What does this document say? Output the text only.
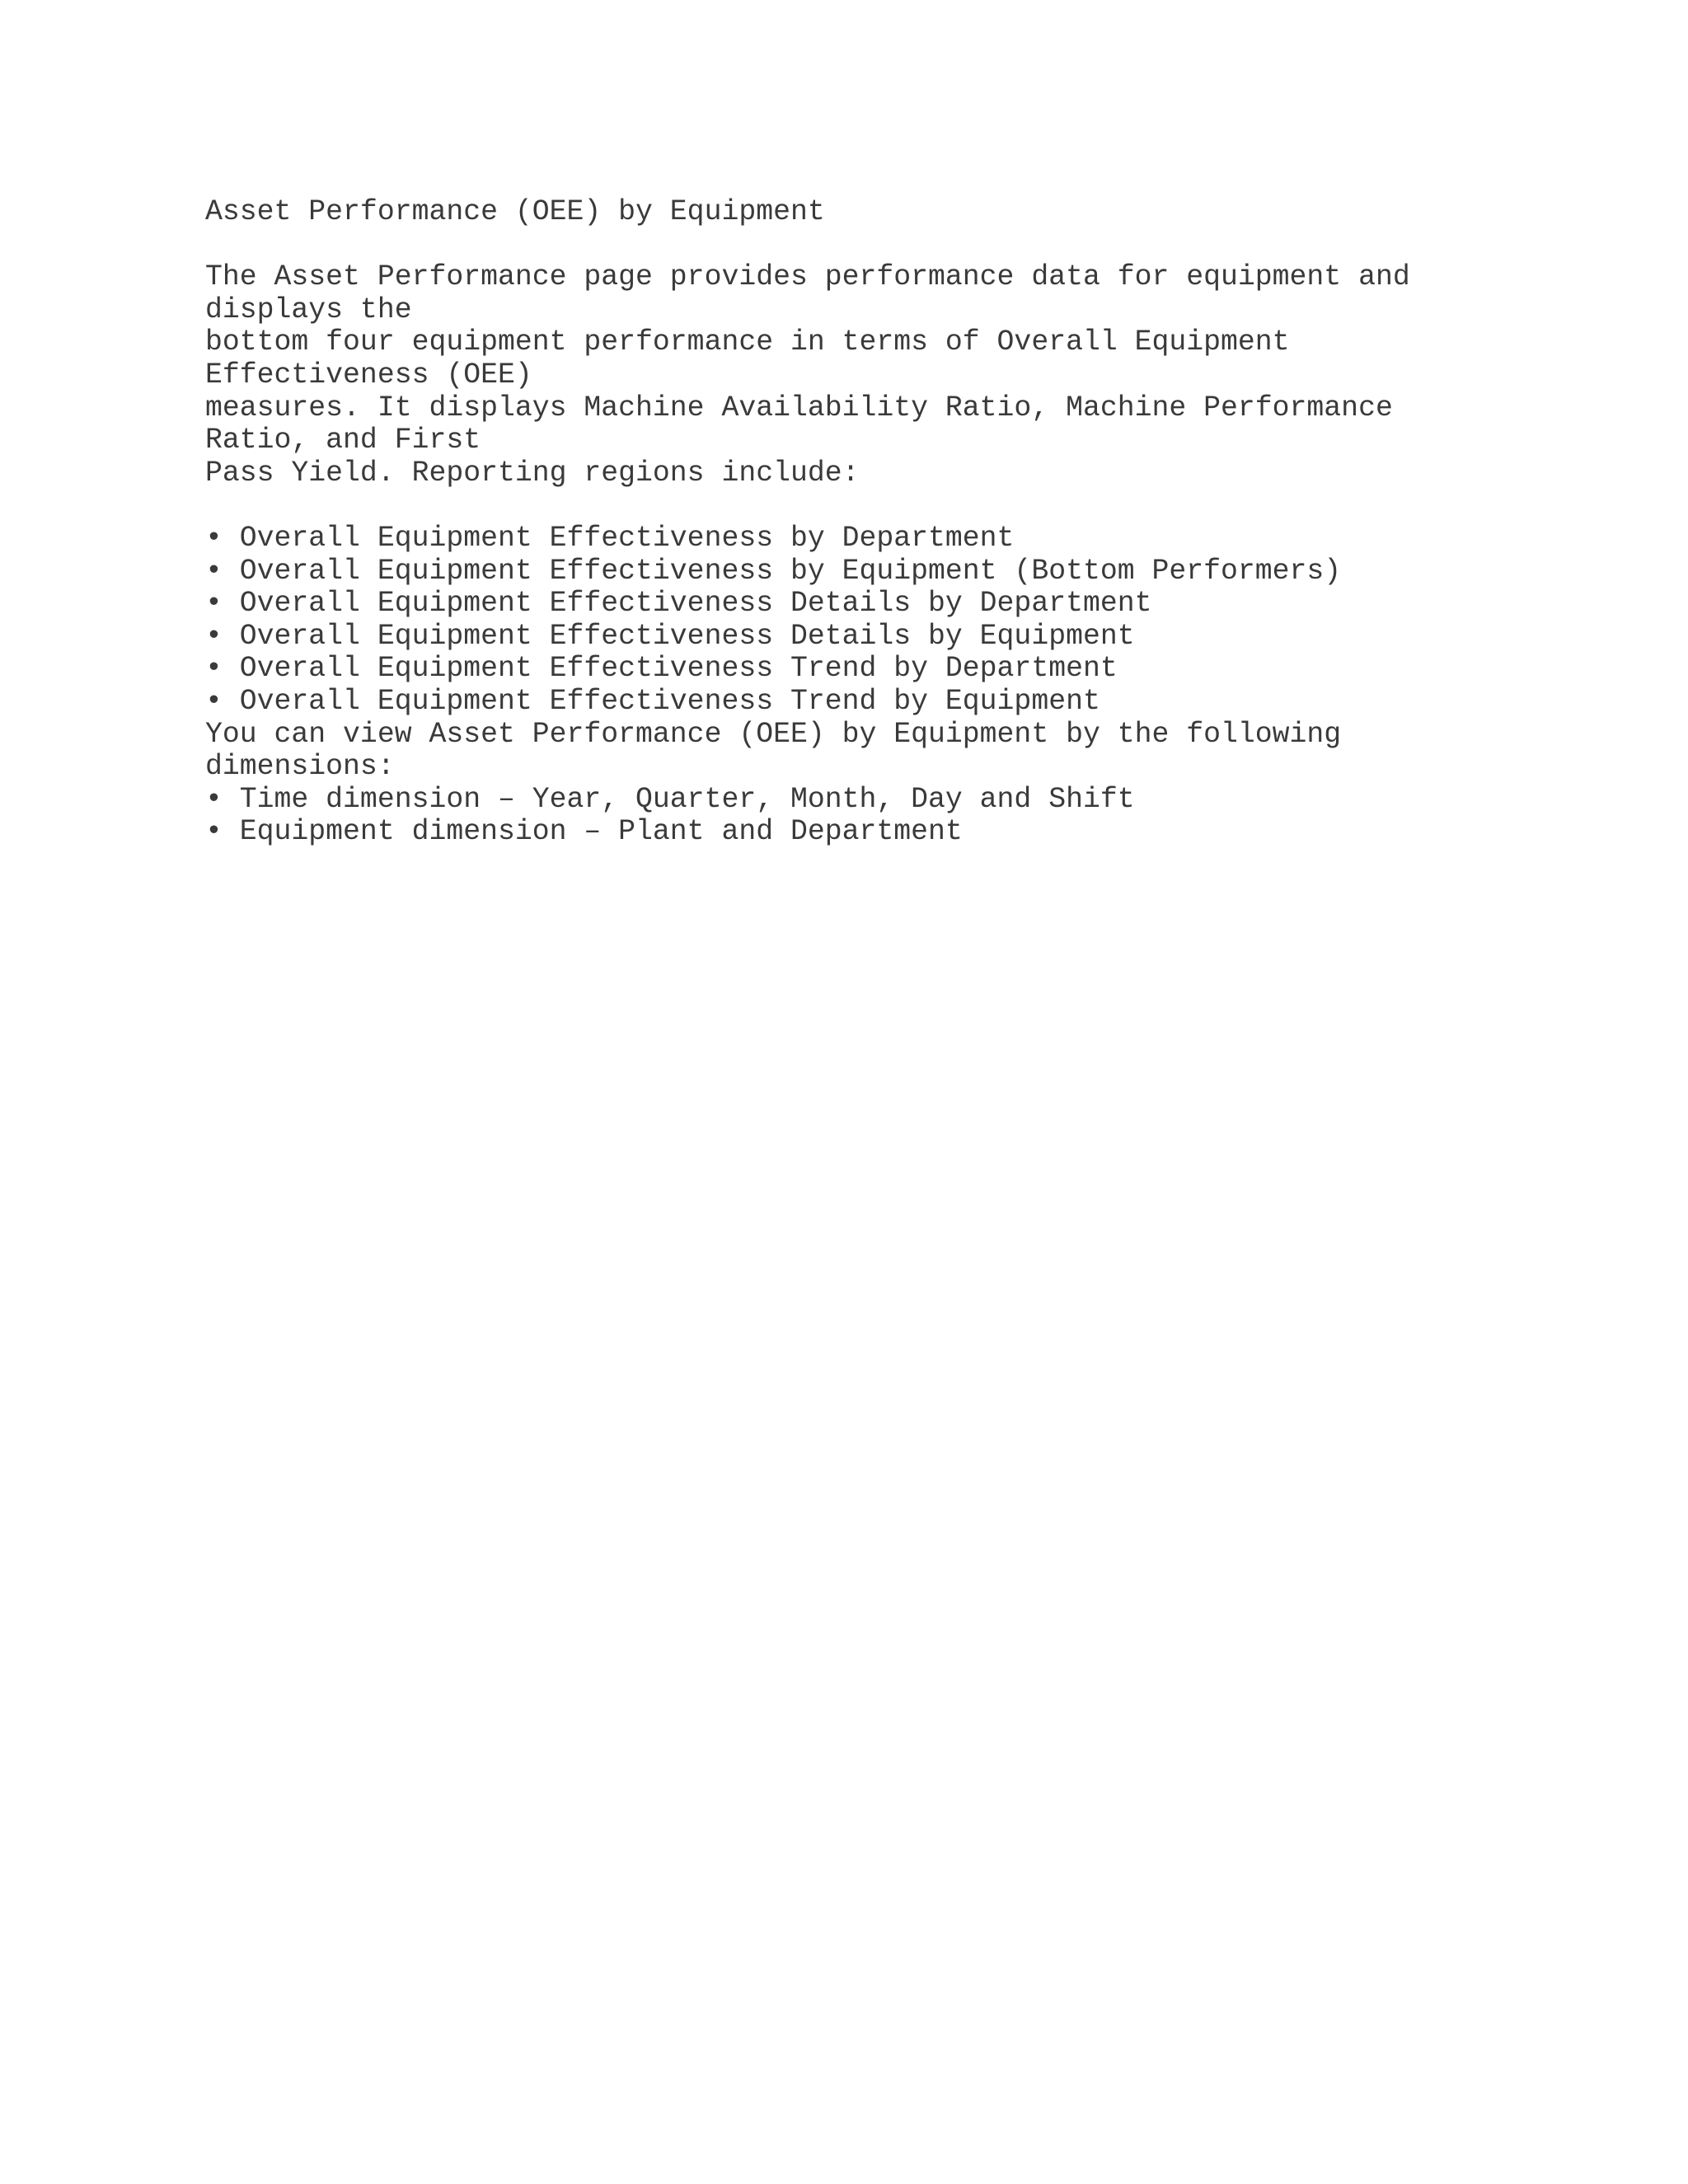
Asset Performance (OEE) by Equipment
The Asset Performance page provides performance data for equipment and
displays the
bottom four equipment performance in terms of Overall Equipment
Effectiveness (OEE)
measures. It displays Machine Availability Ratio, Machine Performance
Ratio, and First
Pass Yield. Reporting regions include:
• Overall Equipment Effectiveness by Department
• Overall Equipment Effectiveness by Equipment (Bottom Performers)
• Overall Equipment Effectiveness Details by Department
• Overall Equipment Effectiveness Details by Equipment
• Overall Equipment Effectiveness Trend by Department
• Overall Equipment Effectiveness Trend by Equipment
You can view Asset Performance (OEE) by Equipment by the following
dimensions:
• Time dimension – Year, Quarter, Month, Day and Shift
• Equipment dimension – Plant and Department
